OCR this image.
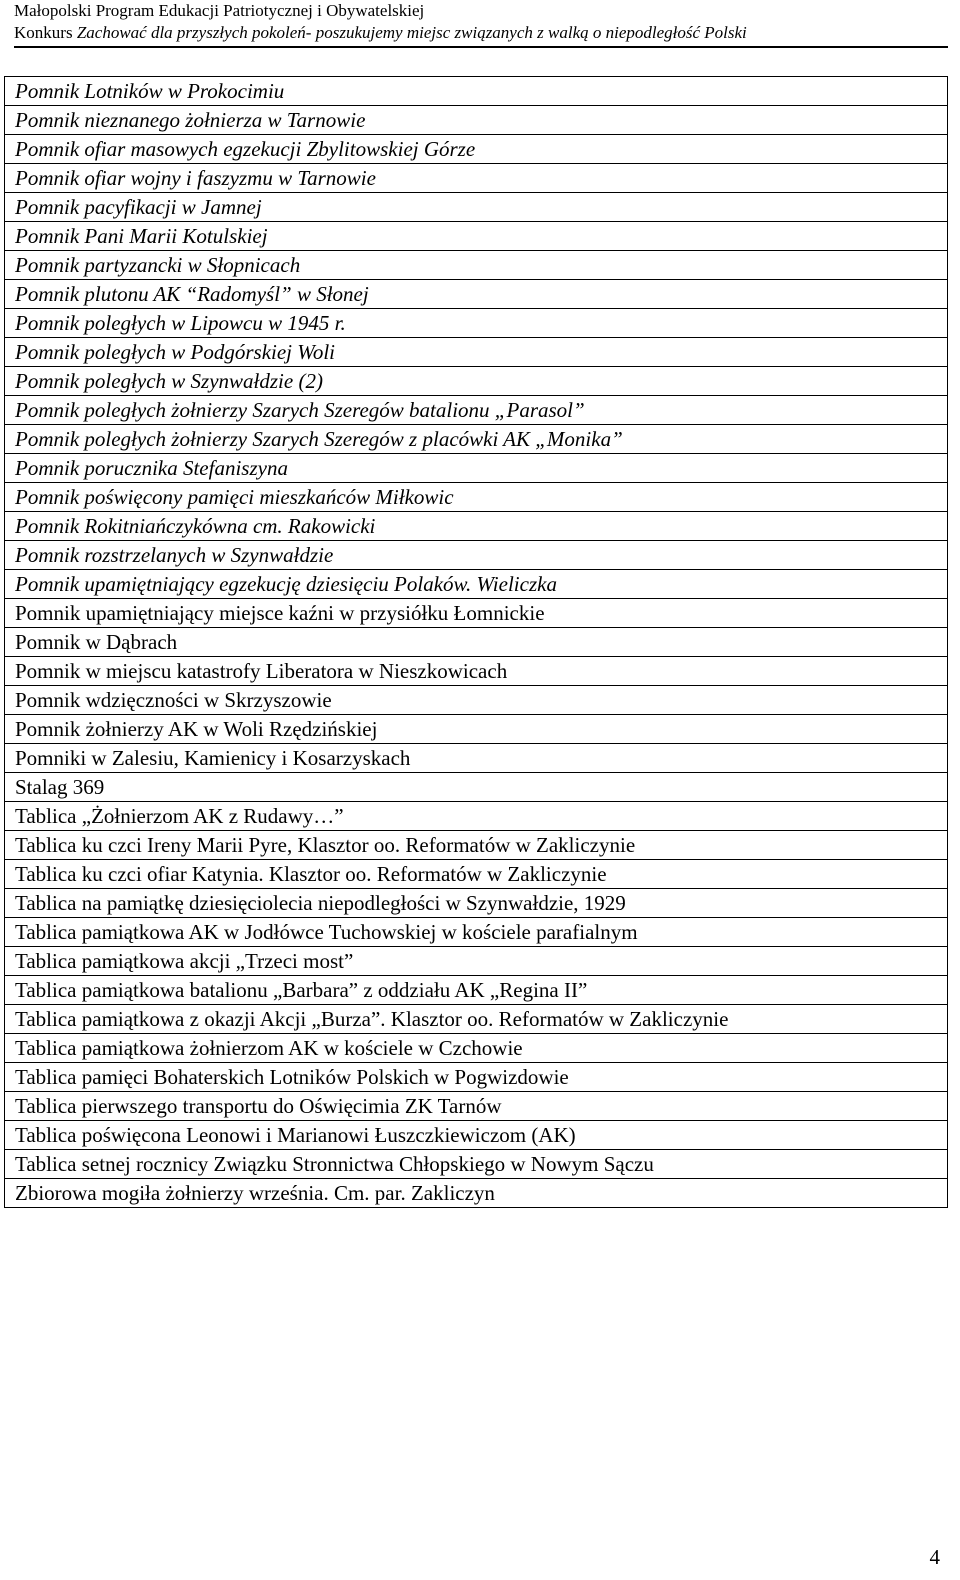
Małopolski Program Edukacji Patriotycznej i Obywatelskiej
Konkurs Zachować dla przyszłych pokoleń- poszukujemy miejsc związanych z walką o niepodległość Polski
Pomnik Lotników w Prokocimiu
Pomnik nieznanego żołnierza w Tarnowie
Pomnik ofiar masowych egzekucji Zbylitowskiej Górze
Pomnik ofiar wojny i faszyzmu w Tarnowie
Pomnik pacyfikacji w Jamnej
Pomnik Pani Marii Kotulskiej
Pomnik partyzancki w Słopnicach
Pomnik plutonu AK “Radomyśl” w Słonej
Pomnik poległych w Lipowcu w 1945 r.
Pomnik poległych w Podgórskiej Woli
Pomnik poległych w Szynwałdzie (2)
Pomnik poległych żołnierzy Szarych Szeregów batalionu „Parasol”
Pomnik poległych żołnierzy Szarych Szeregów z placówki AK „Monika”
Pomnik porucznika Stefaniszyna
Pomnik poświęcony pamięci mieszkańców Miłkowic
Pomnik Rokitniańczykówna cm. Rakowicki
Pomnik rozstrzelanych w Szynwałdzie
Pomnik upamiętniający egzekucję dziesięciu Polaków. Wieliczka
Pomnik upamiętniający miejsce kaźni w przysiółku Łomnickie
Pomnik w Dąbrach
Pomnik w miejscu katastrofy Liberatora w Nieszkowicach
Pomnik wdzięczności w Skrzyszowie
Pomnik żołnierzy AK w Woli Rzędzińskiej
Pomniki w Zalesiu, Kamienicy i Kosarzyskach
Stalag 369
Tablica „Żołnierzom AK z Rudawy…”
Tablica ku czci Ireny Marii Pyre, Klasztor oo. Reformatów w Zakliczynie
Tablica ku czci ofiar Katynia. Klasztor oo. Reformatów w Zakliczynie
Tablica na pamiątkę dziesięciolecia niepodległości w Szynwałdzie, 1929
Tablica pamiątkowa AK w Jodłówce Tuchowskiej w kościele parafialnym
Tablica pamiątkowa akcji „Trzeci most”
Tablica pamiątkowa batalionu „Barbara” z oddziału AK „Regina II”
Tablica pamiątkowa z okazji Akcji „Burza”. Klasztor oo. Reformatów w Zakliczynie
Tablica pamiątkowa żołnierzom AK w kościele w Czchowie
Tablica pamięci Bohaterskich Lotników Polskich w Pogwizdowie
Tablica pierwszego transportu do Oświęcimia ZK Tarnów
Tablica poświęcona Leonowi i Marianowi Łuszczkiewiczom (AK)
Tablica setnej rocznicy Związku Stronnictwa Chłopskiego w Nowym Sączu
Zbiorowa mogiła żołnierzy września. Cm. par. Zakliczyn
4
